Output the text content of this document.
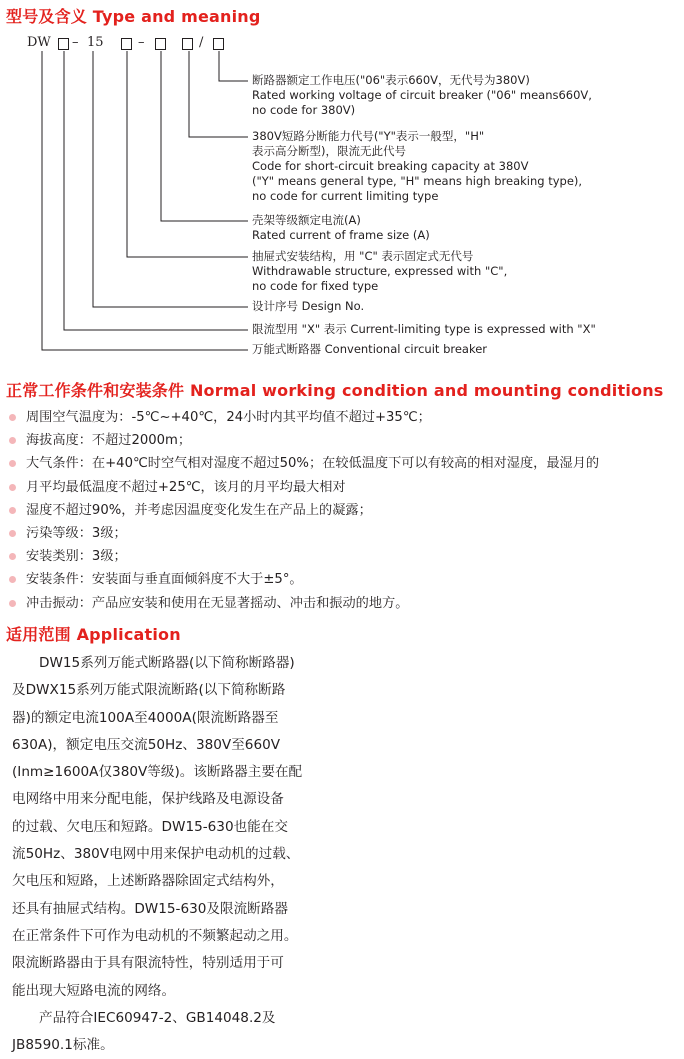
型号及含义 Type and meaning
DW – 15	–	/
断路器额定工作电压("06"表示660V，无代号为380V)
Rated working voltage of circuit breaker ("06" means660V,
no code for 380V)
380V短路分断能力代号("Y"表示一般型，"H"
表示高分断型)，限流无此代号
Code for short-circuit breaking capacity at 380V
("Y" means general type, "H" means high breaking type),
no code for current limiting type
壳架等级额定电流(A)
Rated current of frame size (A)
抽屉式安装结构，用 "C" 表示固定式无代号
Withdrawable structure, expressed with "C",
no code for fixed type
设计序号 Design No.
限流型用 "X" 表示 Current-limiting type is expressed with "X"
万能式断路器 Conventional circuit breaker
正常工作条件和安装条件 Normal working condition and mounting conditions
周围空气温度为：-5℃~+40℃，24小时内其平均值不超过+35℃；
海拔高度：不超过2000m；
大气条件：在+40℃时空气相对湿度不超过50%；在较低温度下可以有较高的相对湿度，最湿月的
月平均最低温度不超过+25℃，该月的月平均最大相对
湿度不超过90%，并考虑因温度变化发生在产品上的凝露；
污染等级：3级；
安装类别：3级；
安装条件：安装面与垂直面倾斜度不大于±5°。
冲击振动：产品应安装和使用在无显著摇动、冲击和振动的地方。
适用范围 Application

DW15系列万能式断路器(以下简称断路器)

及DWX15系列万能式限流断路(以下简称断路

器)的额定电流100A至4000A(限流断路器至

630A)，额定电压交流50Hz、380V至660V

(Inm≥1600A仅380V等级)。该断路器主要在配

电网络中用来分配电能，保护线路及电源设备

的过载、欠电压和短路。DW15-630也能在交

流50Hz、380V电网中用来保护电动机的过载、

欠电压和短路，上述断路器除固定式结构外，

还具有抽屉式结构。DW15-630及限流断路器

在正常条件下可作为电动机的不频繁起动之用。

限流断路器由于具有限流特性，特别适用于可

能出现大短路电流的网络。

产品符合IEC60947-2、GB14048.2及

JB8590.1标准。
